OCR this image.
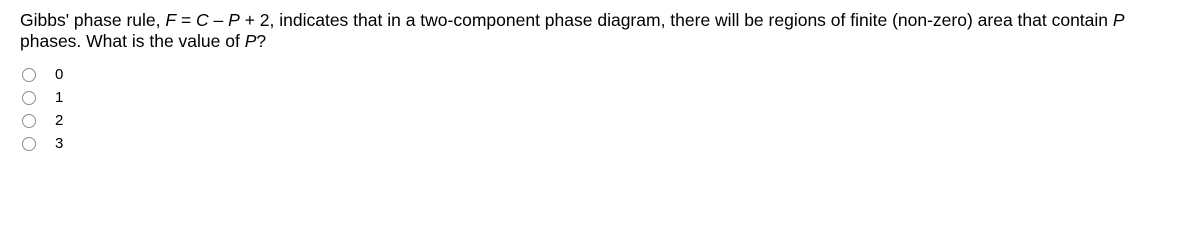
Gibbs' phase rule, F = C – P + 2, indicates that in a two-component phase diagram, there will be regions of finite (non-zero) area that contain P phases. What is the value of P?

0
1
2
3
